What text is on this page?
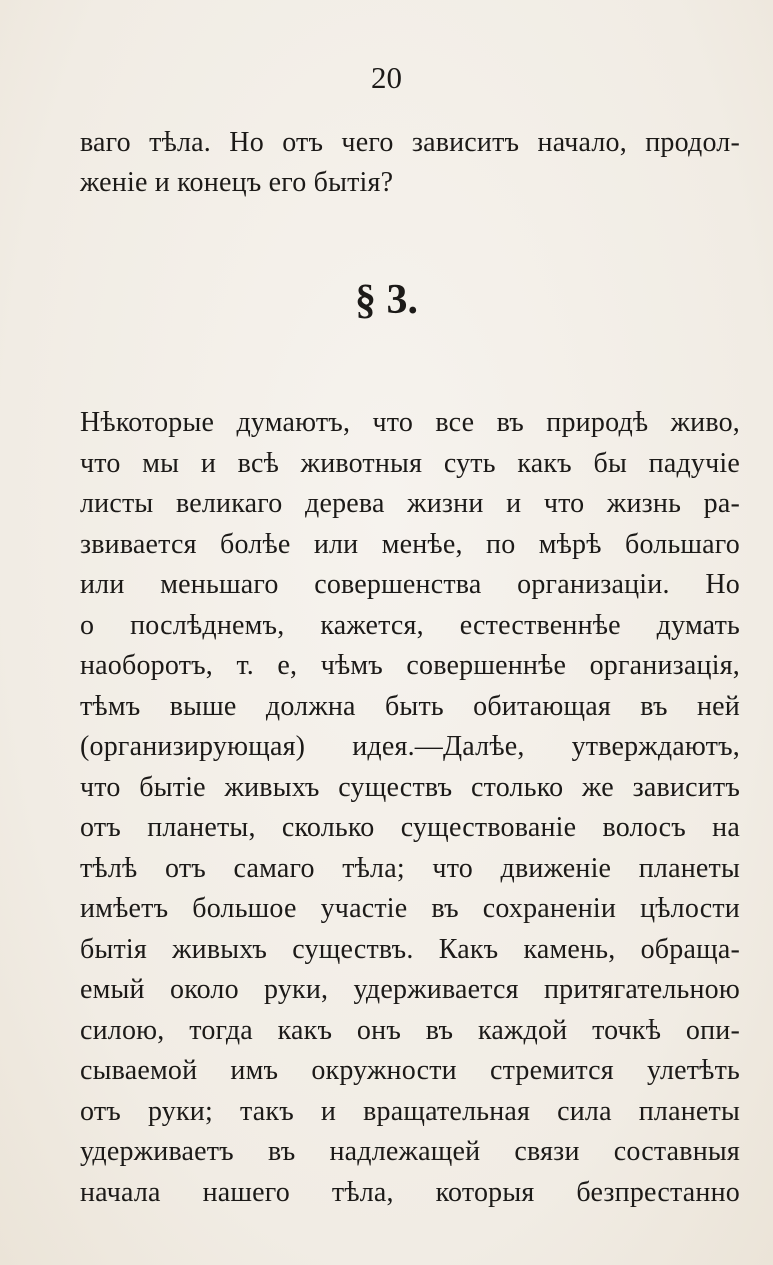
20
ваго тѣла. Но отъ чего зависитъ начало, продол-
женіе и конецъ его бытія?
§ 3.
Нѣкоторые думаютъ, что все въ природѣ живо,
что мы и всѣ животныя суть какъ бы падучіе
листы великаго дерева жизни и что жизнь ра-
звивается болѣе или менѣе, по мѣрѣ большаго
или меньшаго совершенства организаціи. Но
о послѣднемъ, кажется, естественнѣе думать
наоборотъ, т. е, чѣмъ совершеннѣе организація,
тѣмъ выше должна быть обитающая въ ней
(организирующая) идея.—Далѣе, утверждаютъ,
что бытіе живыхъ существъ столько же зависитъ
отъ планеты, сколько существованіе волосъ на
тѣлѣ отъ самаго тѣла; что движеніе планеты
имѣетъ большое участіе въ сохраненіи цѣлости
бытія живыхъ существъ. Какъ камень, обраща-
емый около руки, удерживается притягательною
силою, тогда какъ онъ въ каждой точкѣ опи-
сываемой имъ окружности стремится улетѣть
отъ руки; такъ и вращательная сила планеты
удерживаетъ въ надлежащей связи составныя
начала нашего тѣла, которыя безпрестанно
